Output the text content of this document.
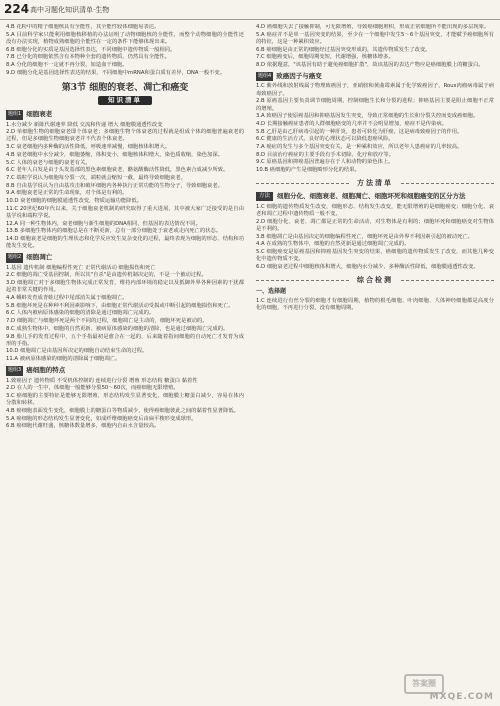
224 高中习题化知识清单·生物
4.B 花粉中的精子细胞核具有全能性，其全能性较体细胞易表达。
5.A 目前科学家只能利用细胞核移植的办法证明了动物细胞核的全能性，而整个动物细胞的全能性还没有办法实现，植物成熟细胞的全能性在一定的条件下能够体现出来。
6.B 细胞分化的实质是基因选择性表达，不同细胞中遗传物质一般相同。
7.B 已分化的细胞依然含有本物种全套的遗传物质，仍然具有全能性。
8.A 分化的细胞不一定就不再分裂，如造血干细胞。
9.D 细胞分化是基因选择性表达的结果，不同细胞中mRNA和蛋白质有差异，DNA一般不变。
第3节 细胞的衰老、凋亡和癌变
知识清单
题组1 细胞衰老
1.水分减少 新陈代谢速率 降低 交流和传递 增大 细胞膜通透性改变
2.D 单细胞生物的细胞衰老即个体衰老；多细胞生物个体衰老的过程就是组成个体的细胞普遍衰老的过程，但是多细胞生物细胞衰老并不代表个体衰老。
3.C 衰老细胞内多种酶的活性降低，呼吸速率减慢，细胞核体积增大。
4.B 衰老细胞中水分减少，细胞萎缩，体积变小，细胞核体积增大，染色质收缩，染色加深。
5.C 人体的衰老与细胞的衰老有关。
6.C 老年人白发是由于头发基部的黑色素细胞衰老，酪氨酸酶活性降低，黑色素合成减少所致。
7.C 端粒学说认为细胞每分裂一次，端粒就会缩短一截，最终导致细胞衰老。
8.B 自由基学说认为自由基攻击和破坏细胞内各种执行正常功能的生物分子，导致细胞衰老。
9.A 细胞衰老是正常的生命现象，对个体是有利的。
10.D 衰老细胞的细胞膜通透性改变，物质运输功能降低。
11.C 20世纪60年代以来，关于细胞衰老机制的研究取得了重大进展，其中被大家广泛接受的是自由基学说和端粒学说。
12.A 同一种生物体内，衰老细胞与新生细胞的DNA相同，但基因的表达情况不同。
13.B 多细胞生物体内的细胞总是在不断更新，总有一部分细胞处于衰老或走向死亡的状态。
14.D 细胞衰老是细胞的生理状态和化学反应发生复杂变化的过程，最终表现为细胞的形态、结构和功能发生变化。
题组2 细胞凋亡
1.基因 遗传机制 细胞编程性死亡 正常代谢活动 细胞损伤和死亡
2.C 细胞的凋亡受基因控制，所以其"自杀"是由遗传机制决定的，不是一个被动过程。
3.D 细胞凋亡对于多细胞生物体完成正常发育，维持内部环境的稳定以及抵御外界各种因素的干扰都起着非常关键的作用。
4.A 蝌蚪发育成青蛙过程中尾部消失属于细胞凋亡。
5.B 细胞坏死是在种种不利因素影响下，由细胞正常代谢活动受损或中断引起的细胞损伤和死亡。
6.C 人体内被病原体感染的细胞的清除是通过细胞凋亡完成的。
7.D 细胞凋亡与细胞坏死是两个不同的过程，细胞凋亡是主动的，细胞坏死是被动的。
8.C 成熟生物体中，细胞的自然更新、被病原体感染的细胞的清除，也是通过细胞凋亡完成的。
9.B 胎儿手的发育过程中，五个手指最初是愈合在一起的，后来随着指间细胞的自动死亡才发育为成形的手指。
10.D 细胞凋亡是由基因所决定的细胞自动结束生命的过程。
11.A 被病原体感染的细胞的清除属于细胞凋亡。
题组3 癌细胞的特点
1.致癌因子 遗传物质 不受机体控制的 连续进行分裂 增殖 形态结构 糖蛋白 黏着性
2.D 在人的一生中，体细胞一般能够分裂50～60次，而癌细胞无限增殖。
3.C 癌细胞的主要特征是能够无限增殖，形态结构发生显著变化，细胞膜上糖蛋白减少，容易在体内分散和转移。
4.B 癌细胞表面发生变化，细胞膜上的糖蛋白等物质减少，使得癌细胞彼此之间的黏着性显著降低。
5.A 癌细胞的形态结构发生显著变化，如成纤维细胞癌变后由扁平梭形变成球形。
6.B 癌细胞代谢旺盛，核糖体数量增多，细胞内自由水含量较高。
4.D 癌细胞失去了接触抑制，可无限增殖，导致癌细胞堆积，形成正常细胞所不能出现的多层现象。
5.A 癌症并不是单一基因突变的结果，至少在一个细胞中发生5～6个基因突变，才能赋予癌细胞所有的特征，这是一种累积效应。
6.B 癌细胞是由正常的细胞经过基因突变形成的，其遗传物质发生了改变。
7.C 细胞癌变后，细胞周期变短，代谢增强，核糖体增多。
8.D 依据题意，"该基因有助于避免癌细胞扩散"，故该基因的表达产物应是癌细胞膜上的糖蛋白。
题组4 致癌因子与癌变
1.C 紫外线和放射线属于物理致癌因子，亚硝胺和黄曲霉素属于化学致癌因子，Rous肉瘤病毒属于病毒致癌因子。
2.B 原癌基因主要负责调节细胞周期，控制细胞生长和分裂的进程；抑癌基因主要是阻止细胞不正常的增殖。
3.A 致癌因子使原癌基因和抑癌基因发生突变，导致正常细胞的生长和分裂失控而变成癌细胞。
4.D 长期接触癌症患者的人群细胞癌变的几率并不会明显增加，癌症不是传染病。
5.B 乙肝是由乙肝病毒引起的一种肝炎，患者可转化为肝癌，这是病毒致癌因子的作用。
6.C 健康的生活方式、良好的心理状态可以降低患癌风险。
7.A 癌症的发生与多个基因突变有关，是一种累积效应，所以老年人患癌症的几率较高。
8.D 目前治疗癌症的主要手段有手术切除、化疗和放疗等。
9.C 原癌基因和抑癌基因普遍存在于人和动物的染色体上。
10.B 癌细胞的产生是细胞畸形分化的结果。
方法清单
方法	细胞分化、细胞衰老、细胞凋亡、细胞坏死和细胞癌变的区分方法
1.C 细胞的遗传物质发生改变，细胞形态、结构发生改变，能无限增殖的是细胞癌变；细胞分化、衰老和凋亡过程中遗传物质一般不变。
2.D 细胞分化、衰老、凋亡都是正常的生命活动，对生物体是有利的；细胞坏死和细胞癌变对生物体是不利的。
3.B 细胞凋亡是由基因决定的细胞编程性死亡，细胞坏死是由外界不利因素引起的被动死亡。
4.A 在成熟的生物体中，细胞的自然更新是通过细胞凋亡完成的。
5.C 细胞癌变是原癌基因和抑癌基因发生突变的结果，癌细胞的遗传物质发生了改变，而其他几种变化中遗传物质不变。
6.D 细胞衰老过程中细胞核体积增大，细胞内水分减少，多种酶活性降低，细胞膜通透性改变。
综合检测
一、选择题
1.C 连续进行有丝分裂的细胞才有细胞周期，植物的根毛细胞、叶肉细胞、人体神经细胞都是高度分化的细胞，不再进行分裂，没有细胞周期。
答案圈
MXQE.COM
